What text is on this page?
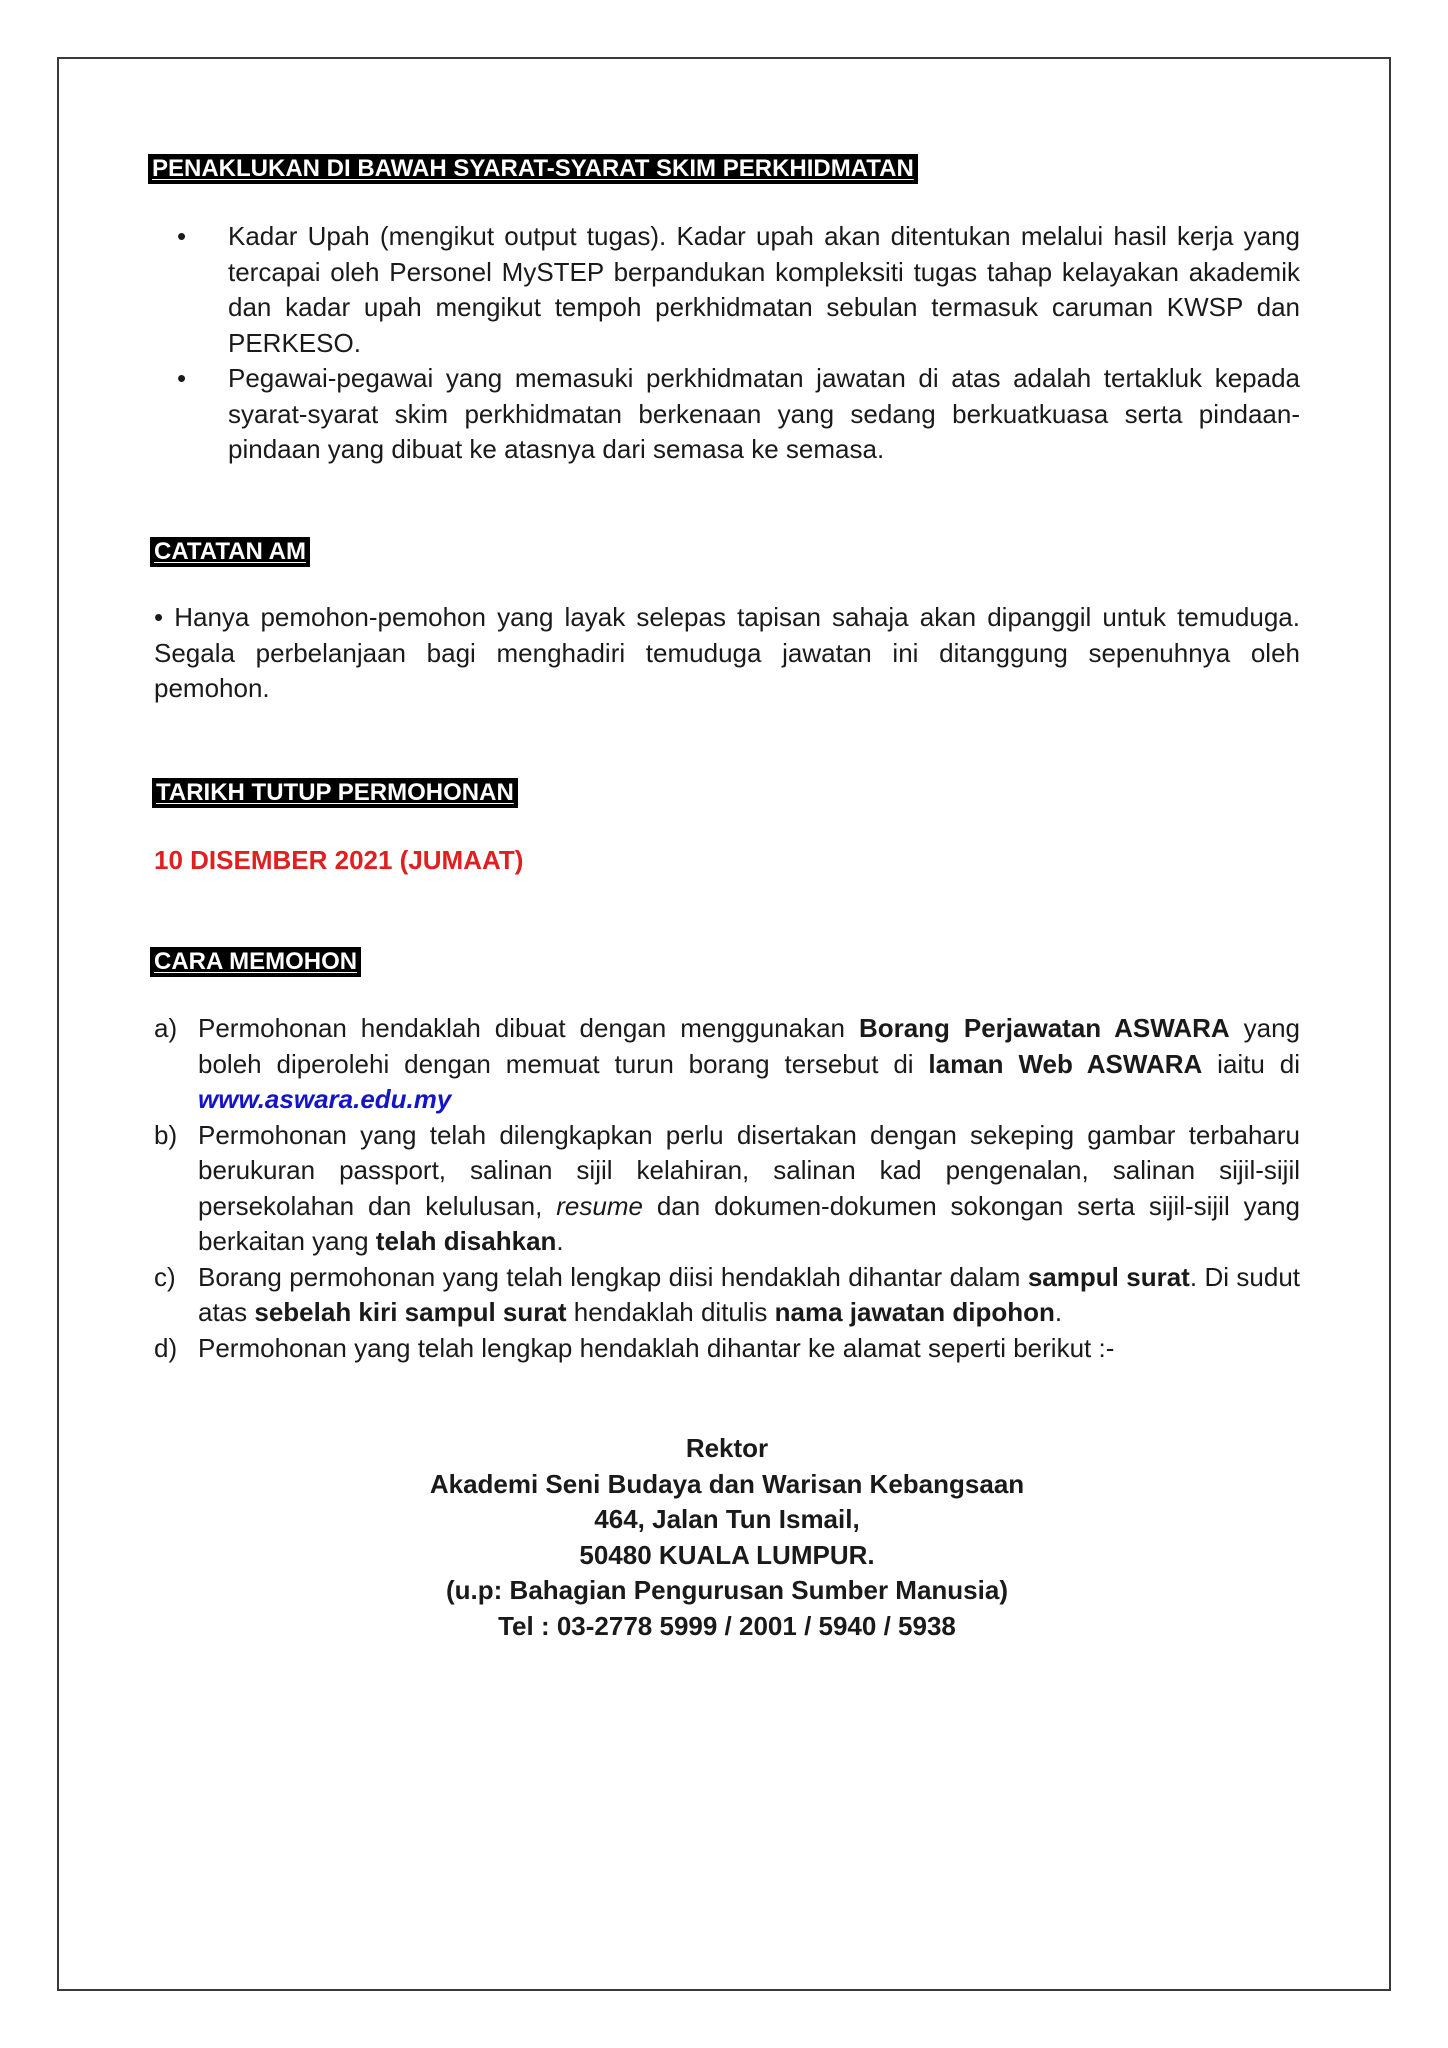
PENAKLUKAN DI BAWAH SYARAT-SYARAT SKIM PERKHIDMATAN
• Kadar Upah (mengikut output tugas). Kadar upah akan ditentukan melalui hasil kerja yang tercapai oleh Personel MySTEP berpandukan kompleksiti tugas tahap kelayakan akademik dan kadar upah mengikut tempoh perkhidmatan sebulan termasuk caruman KWSP dan PERKESO.
• Pegawai-pegawai yang memasuki perkhidmatan jawatan di atas adalah tertakluk kepada syarat-syarat skim perkhidmatan berkenaan yang sedang berkuatkuasa serta pindaan-pindaan yang dibuat ke atasnya dari semasa ke semasa.
CATATAN AM
• Hanya pemohon-pemohon yang layak selepas tapisan sahaja akan dipanggil untuk temuduga. Segala perbelanjaan bagi menghadiri temuduga jawatan ini ditanggung sepenuhnya oleh pemohon.
TARIKH TUTUP PERMOHONAN
10 DISEMBER 2021 (JUMAAT)
CARA MEMOHON
a) Permohonan hendaklah dibuat dengan menggunakan Borang Perjawatan ASWARA yang boleh diperolehi dengan memuat turun borang tersebut di laman Web ASWARA iaitu di www.aswara.edu.my
b) Permohonan yang telah dilengkapkan perlu disertakan dengan sekeping gambar terbaharu berukuran passport, salinan sijil kelahiran, salinan kad pengenalan, salinan sijil-sijil persekolahan dan kelulusan, resume dan dokumen-dokumen sokongan serta sijil-sijil yang berkaitan yang telah disahkan.
c) Borang permohonan yang telah lengkap diisi hendaklah dihantar dalam sampul surat. Di sudut atas sebelah kiri sampul surat hendaklah ditulis nama jawatan dipohon.
d) Permohonan yang telah lengkap hendaklah dihantar ke alamat seperti berikut :-
Rektor
Akademi Seni Budaya dan Warisan Kebangsaan
464, Jalan Tun Ismail,
50480 KUALA LUMPUR.
(u.p: Bahagian Pengurusan Sumber Manusia)
Tel : 03-2778 5999 / 2001 / 5940 / 5938
